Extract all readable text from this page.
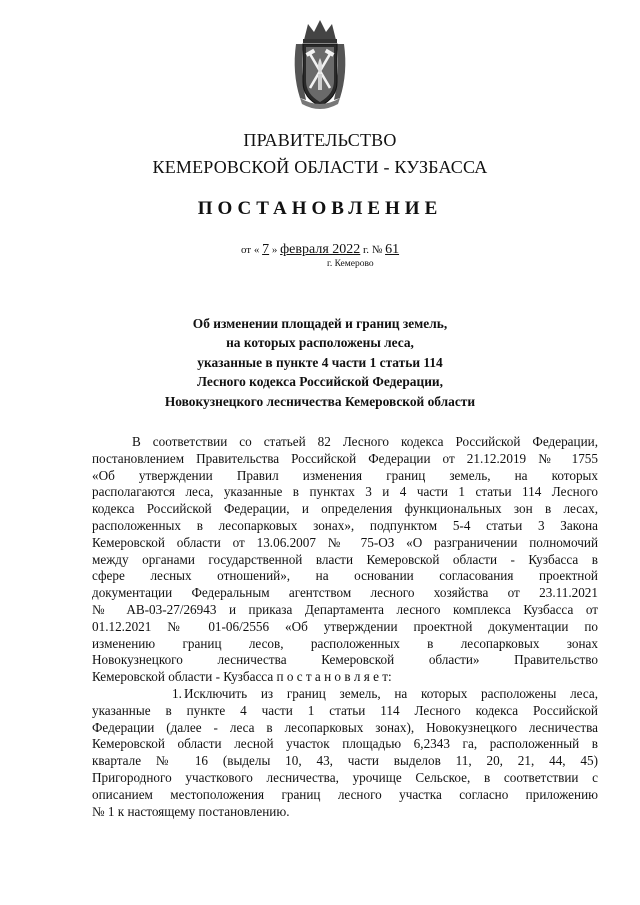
ПРАВИТЕЛЬСТВО
КЕМЕРОВСКОЙ ОБЛАСТИ - КУЗБАССА
ПОСТАНОВЛЕНИЕ
от « 7 » февраля 2022 г. № 61
г. Кемерово
Об изменении площадей и границ земель,
на которых расположены леса,
указанные в пункте 4 части 1 статьи 114
Лесного кодекса Российской Федерации,
Новокузнецкого лесничества Кемеровской области

В соответствии со статьей 82 Лесного кодекса Российской Федерации,

постановлением Правительства Российской Федерации от 21.12.2019 № 1755

«Об утверждении Правил изменения границ земель, на которых

располагаются леса, указанные в пунктах 3 и 4 части 1 статьи 114 Лесного

кодекса Российской Федерации, и определения функциональных зон в лесах,

расположенных в лесопарковых зонах», подпунктом 5-4 статьи 3 Закона

Кемеровской области от 13.06.2007 № 75-ОЗ «О разграничении полномочий

между органами государственной власти Кемеровской области - Кузбасса в

сфере лесных отношений», на основании согласования проектной

документации Федеральным агентством лесного хозяйства от 23.11.2021

№ АВ-03-27/26943 и приказа Департамента лесного комплекса Кузбасса от

01.12.2021 № 01-06/2556 «Об утверждении проектной документации по

изменению границ лесов, расположенных в лесопарковых зонах

Новокузнецкого лесничества Кемеровской области» Правительство

Кемеровской области - Кузбасса п о с т а н о в л я е т:

1. Исключить из границ земель, на которых расположены леса,

указанные в пункте 4 части 1 статьи 114 Лесного кодекса Российской

Федерации (далее - леса в лесопарковых зонах), Новокузнецкого лесничества

Кемеровской области лесной участок площадью 6,2343 га, расположенный в

квартале № 16 (выделы 10, 43, части выделов 11, 20, 21, 44, 45)

Пригородного участкового лесничества, урочище Сельское, в соответствии с

описанием местоположения границ лесного участка согласно приложению

№ 1 к настоящему постановлению.
